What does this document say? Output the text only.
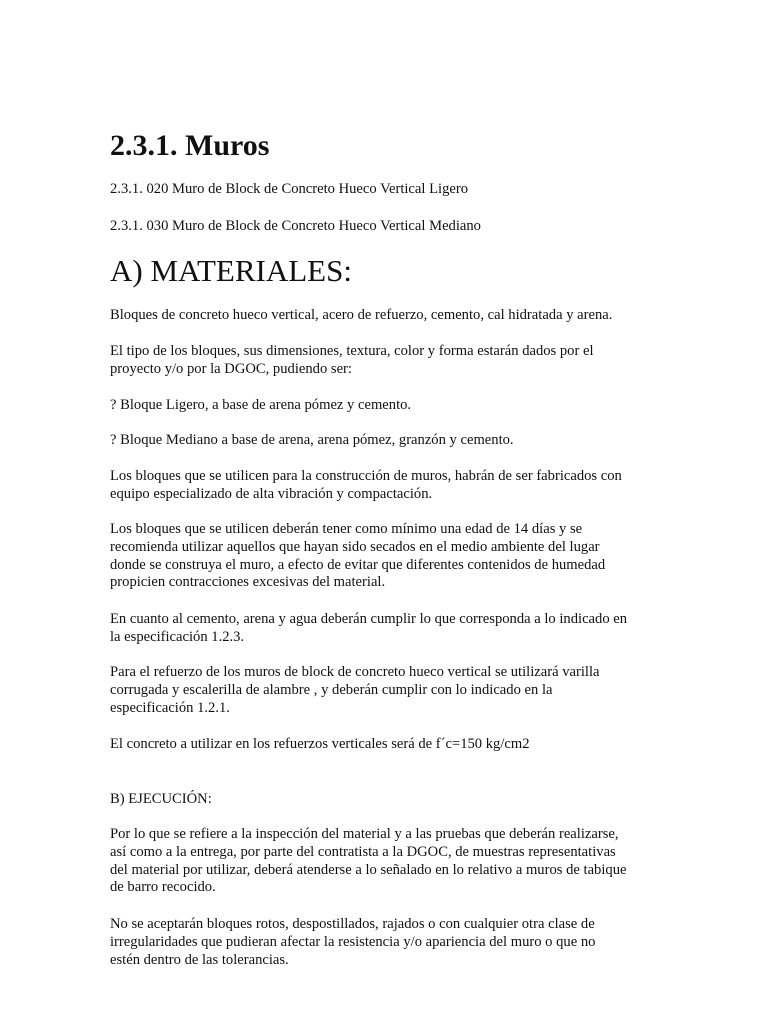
2.3.1. Muros

2.3.1. 020 Muro de Block de Concreto Hueco Vertical Ligero

2.3.1. 030 Muro de Block de Concreto Hueco Vertical Mediano

A) MATERIALES:

Bloques de concreto hueco vertical, acero de refuerzo, cemento, cal hidratada y arena.

El tipo de los bloques, sus dimensiones, textura, color y forma estarán dados por el
proyecto y/o por la DGOC, pudiendo ser:

? Bloque Ligero, a base de arena pómez y cemento.

? Bloque Mediano a base de arena, arena pómez, granzón y cemento.

Los bloques que se utilicen para la construcción de muros, habrán de ser fabricados con
equipo especializado de alta vibración y compactación.

Los bloques que se utilicen deberán tener como mínimo una edad de 14 días y se
recomienda utilizar aquellos que hayan sido secados en el medio ambiente del lugar
donde se construya el muro, a efecto de evitar que diferentes contenidos de humedad
propicien contracciones excesivas del material.

En cuanto al cemento, arena y agua deberán cumplir lo que corresponda a lo indicado en
la especificación 1.2.3.

Para el refuerzo de los muros de block de concreto hueco vertical se utilizará varilla
corrugada y escalerilla de alambre , y deberán cumplir con lo indicado en la
especificación 1.2.1.

El concreto a utilizar en los refuerzos verticales será de f´c=150 kg/cm2

B) EJECUCIÓN:

Por lo que se refiere a la inspección del material y a las pruebas que deberán realizarse,
así como a la entrega, por parte del contratista a la DGOC, de muestras representativas
del material por utilizar, deberá atenderse a lo señalado en lo relativo a muros de tabique
de barro recocido.

No se aceptarán bloques rotos, despostillados, rajados o con cualquier otra clase de
irregularidades que pudieran afectar la resistencia y/o apariencia del muro o que no
estén dentro de las tolerancias.
